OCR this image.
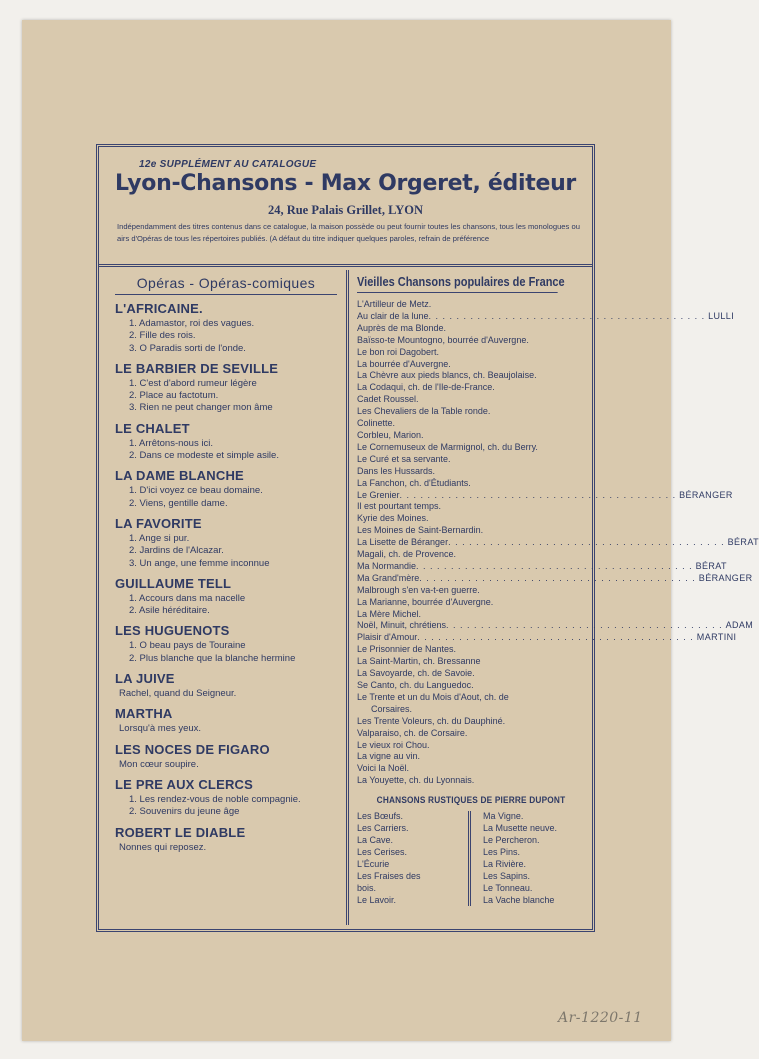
12e SUPPLÉMENT AU CATALOGUE
Lyon-Chansons - Max Orgeret, éditeur
24, Rue Palais Grillet, LYON
Indépendamment des titres contenus dans ce catalogue, la maison possède ou peut fournir toutes les chansons, tous les monologues ou airs d'Opéras de tous les répertoires publiés. (A défaut du titre indiquer quelques paroles, refrain de préférence
Opéras - Opéras-comiques
L'AFRICAINE.
1. Adamastor, roi des vagues.
2. Fille des rois.
3. O Paradis sorti de l'onde.
LE BARBIER DE SEVILLE
1. C'est d'abord rumeur légère
2. Place au factotum.
3. Rien ne peut changer mon âme
LE CHALET
1. Arrêtons-nous ici.
2. Dans ce modeste et simple asile.
LA DAME BLANCHE
1. D'ici voyez ce beau domaine.
2. Viens, gentille dame.
LA FAVORITE
1. Ange si pur.
2. Jardins de l'Alcazar.
3. Un ange, une femme inconnue
GUILLAUME TELL
1. Accours dans ma nacelle
2. Asile héréditaire.
LES HUGUENOTS
1. O beau pays de Touraine
2. Plus blanche que la blanche hermine
LA JUIVE
Rachel, quand du Seigneur.
MARTHA
Lorsqu'à mes yeux.
LES NOCES DE FIGARO
Mon cœur soupire.
LE PRE AUX CLERCS
1. Les rendez-vous de noble compagnie.
2. Souvenirs du jeune âge
ROBERT LE DIABLE
Nonnes qui reposez.
Vieilles Chansons populaires de France
L'Artilleur de Metz.
Au clair de la lune . . . . . . . . . . . . . . . . . . . . . . . . . . . . . . . . . . . . . . . . LULLI
Auprès de ma Blonde.
Baïsso-te Mountogno, bourrée d'Auvergne.
Le bon roi Dagobert.
La bourrée d'Auvergne.
La Chèvre aux pieds blancs, ch. Beaujolaise.
La Codaqui, ch. de l'Ile-de-France.
Cadet Roussel.
Les Chevaliers de la Table ronde.
Colinette.
Corbleu, Marion.
Le Cornemuseux de Marmignol, ch. du Berry.
Le Curé et sa servante.
Dans les Hussards.
La Fanchon, ch. d'Étudiants.
Le Grenier . . . . . . . . . . . . . . . . . . . . . . . . . . . . . . . . . . . . . . . . BÉRANGER
Il est pourtant temps.
Kyrie des Moines.
Les Moines de Saint-Bernardin.
La Lisette de Béranger . . . . . . . . . . . . . . . . . . . . . . . . . . . . . . . . . . . . . . . . BÉRAT
Magali, ch. de Provence.
Ma Normandie . . . . . . . . . . . . . . . . . . . . . . . . . . . . . . . . . . . . . . . . BÉRAT
Ma Grand'mère . . . . . . . . . . . . . . . . . . . . . . . . . . . . . . . . . . . . . . . . BÉRANGER
Malbrough s'en va-t-en guerre.
La Marianne, bourrée d'Auvergne.
La Mère Michel.
Noël, Minuit, chrétiens . . . . . . . . . . . . . . . . . . . . . . . . . . . . . . . . . . . . . . . . ADAM
Plaisir d'Amour . . . . . . . . . . . . . . . . . . . . . . . . . . . . . . . . . . . . . . . . MARTINI
Le Prisonnier de Nantes.
La Saint-Martin, ch. Bressanne
La Savoyarde, ch. de Savoie.
Se Canto, ch. du Languedoc.
Le Trente et un du Mois d'Aout, ch. de
Corsaires.
Les Trente Voleurs, ch. du Dauphiné.
Valparaiso, ch. de Corsaire.
Le vieux roi Chou.
La vigne au vin.
Voici la Noël.
La Youyette, ch. du Lyonnais.
CHANSONS RUSTIQUES DE PIERRE DUPONT
Les Bœufs.
Les Carriers.
La Cave.
Les Cerises.
L'Écurie
Les Fraises des
bois.
Le Lavoir.
Ma Vigne.
La Musette neuve.
Le Percheron.
Les Pins.
La Rivière.
Les Sapins.
Le Tonneau.
La Vache blanche
Ar-1220-11
